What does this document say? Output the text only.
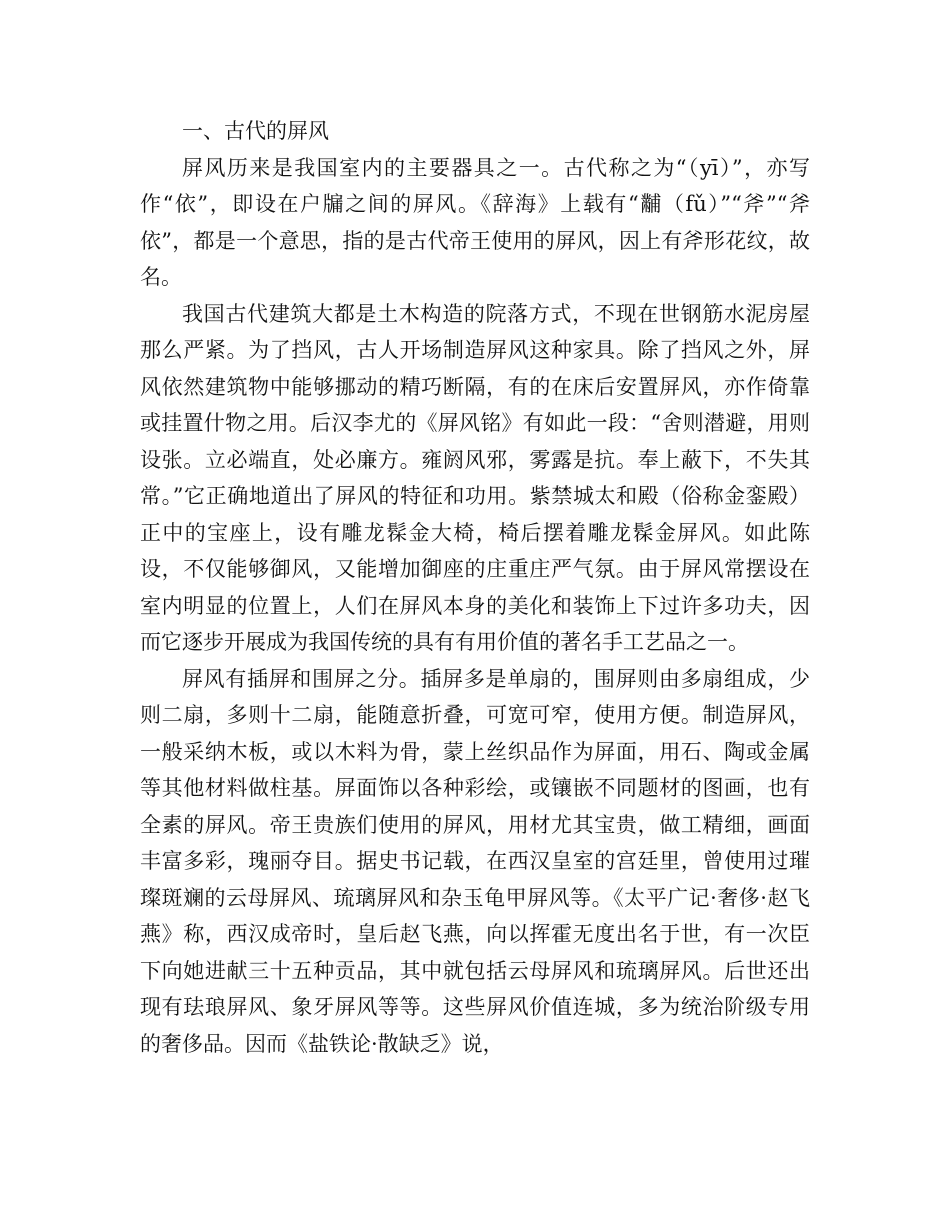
一、古代的屏风

屏风历来是我国室内的主要器具之一。古代称之为“（yī）”，亦写作“依”，即设在户牖之间的屏风。《辞海》上载有“黼（fǔ）”“斧”“斧依”，都是一个意思，指的是古代帝王使用的屏风，因上有斧形花纹，故名。

我国古代建筑大都是土木构造的院落方式，不现在世钢筋水泥房屋那么严紧。为了挡风，古人开场制造屏风这种家具。除了挡风之外，屏风依然建筑物中能够挪动的精巧断隔，有的在床后安置屏风，亦作倚靠或挂置什物之用。后汉李尤的《屏风铭》有如此一段：“舍则潜避，用则设张。立必端直，处必廉方。雍阏风邪，雾露是抗。奉上蔽下，不失其常。”它正确地道出了屏风的特征和功用。紫禁城太和殿（俗称金銮殿）正中的宝座上，设有雕龙髹金大椅，椅后摆着雕龙髹金屏风。如此陈设，不仅能够御风，又能增加御座的庄重庄严气氛。由于屏风常摆设在室内明显的位置上，人们在屏风本身的美化和装饰上下过许多功夫，因而它逐步开展成为我国传统的具有有用价值的著名手工艺品之一。

屏风有插屏和围屏之分。插屏多是单扇的，围屏则由多扇组成，少则二扇，多则十二扇，能随意折叠，可宽可窄，使用方便。制造屏风，一般采纳木板，或以木料为骨，蒙上丝织品作为屏面，用石、陶或金属等其他材料做柱基。屏面饰以各种彩绘，或镶嵌不同题材的图画，也有全素的屏风。帝王贵族们使用的屏风，用材尤其宝贵，做工精细，画面丰富多彩，瑰丽夺目。据史书记载，在西汉皇室的宫廷里，曾使用过璀璨斑斓的云母屏风、琉璃屏风和杂玉龟甲屏风等。《太平广记·奢侈·赵飞燕》称，西汉成帝时，皇后赵飞燕，向以挥霍无度出名于世，有一次臣下向她进献三十五种贡品，其中就包括云母屏风和琉璃屏风。后世还出现有珐琅屏风、象牙屏风等等。这些屏风价值连城，多为统治阶级专用的奢侈品。因而《盐铁论·散缺乏》说，
